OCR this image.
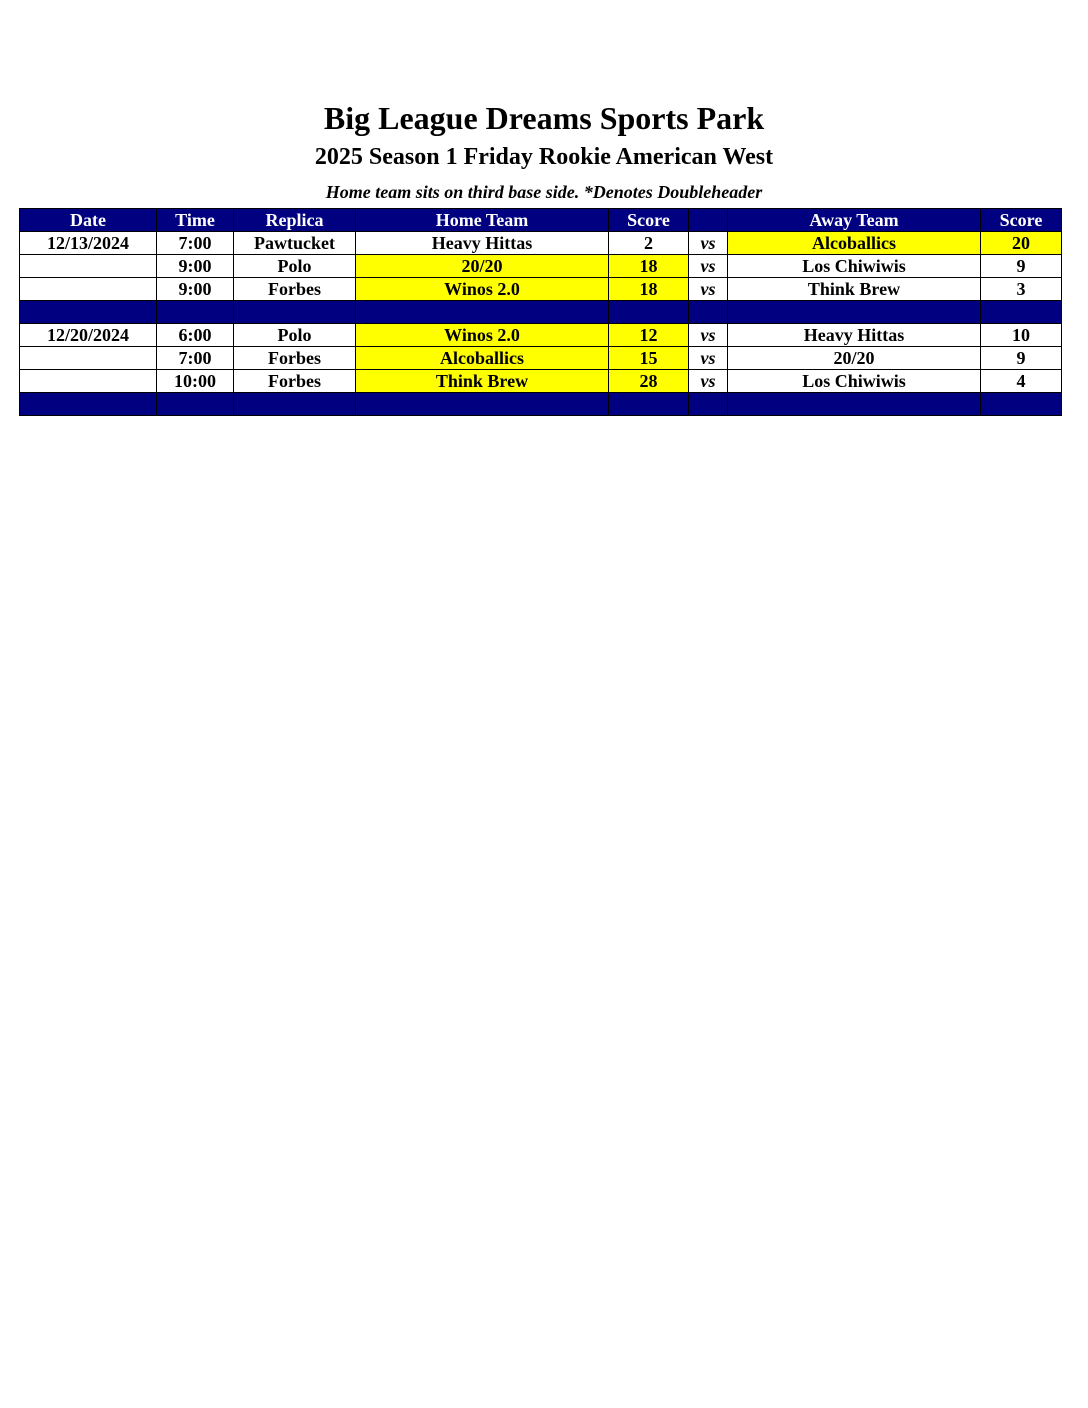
Big League Dreams Sports Park
2025 Season 1 Friday Rookie American West
Home team sits on third base side. *Denotes Doubleheader
Date	Time	Replica	Home Team	Score		Away Team	Score
12/13/2024	7:00	Pawtucket	Heavy Hittas	2	vs	Alcoballics	20
	9:00	Polo	20/20	18	vs	Los Chiwiwis	9
	9:00	Forbes	Winos 2.0	18	vs	Think Brew	3

12/20/2024	6:00	Polo	Winos 2.0	12	vs	Heavy Hittas	10
	7:00	Forbes	Alcoballics	15	vs	20/20	9
	10:00	Forbes	Think Brew	28	vs	Los Chiwiwis	4
